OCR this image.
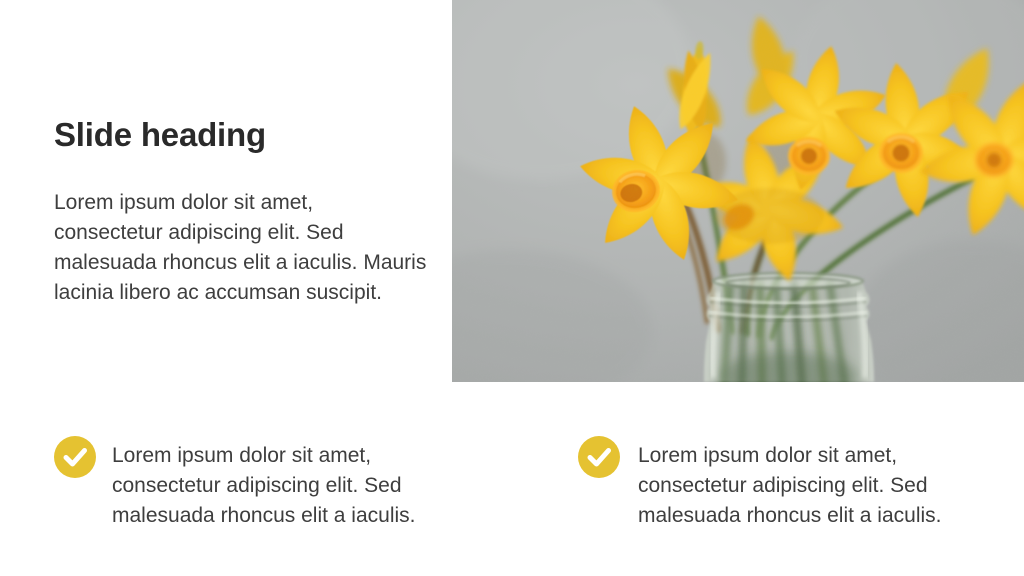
Slide heading
Lorem ipsum dolor sit amet,
consectetur adipiscing elit. Sed
malesuada rhoncus elit a iaculis. Mauris
lacinia libero ac accumsan suscipit.
Lorem ipsum dolor sit amet,
consectetur adipiscing elit. Sed
malesuada rhoncus elit a iaculis.
Lorem ipsum dolor sit amet,
consectetur adipiscing elit. Sed
malesuada rhoncus elit a iaculis.
